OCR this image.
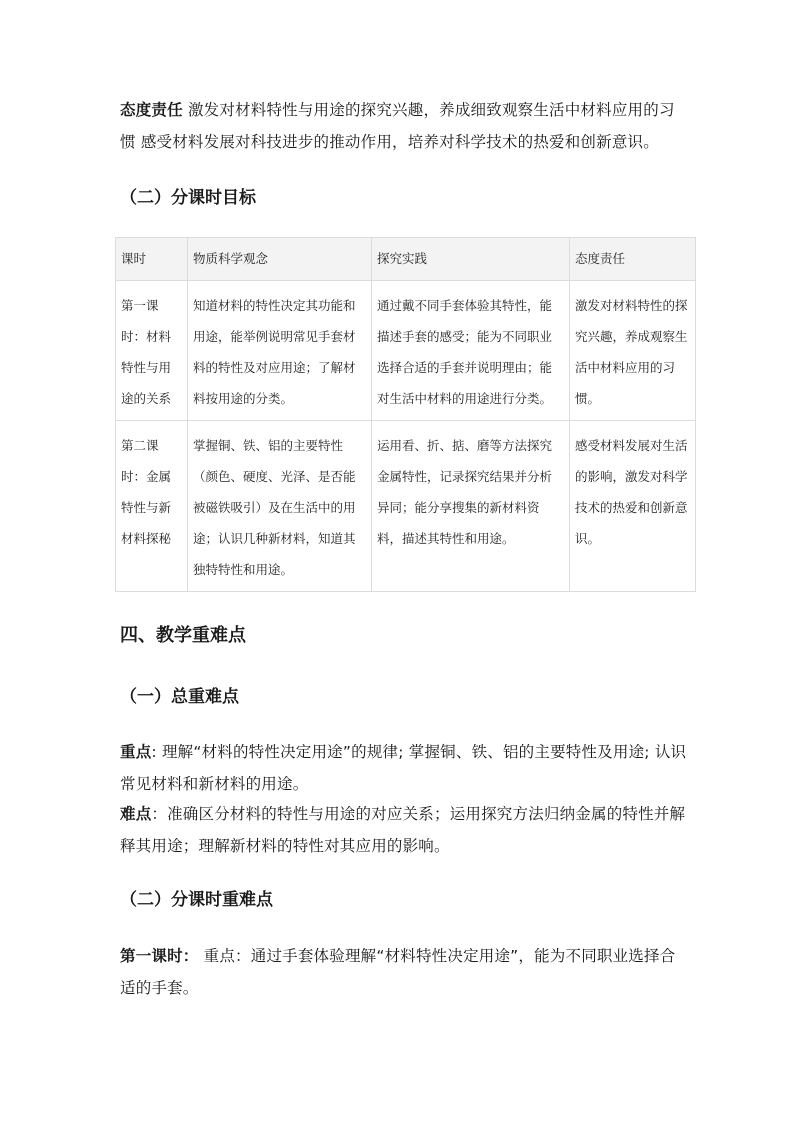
态度责任 激发对材料特性与用途的探究兴趣，养成细致观察生活中材料应用的习惯 感受材料发展对科技进步的推动作用，培养对科学技术的热爱和创新意识。

（二）分课时目标
课时	物质科学观念	探究实践	态度责任
第一课时：材料特性与用途的关系	知道材料的特性决定其功能和用途，能举例说明常见手套材料的特性及对应用途；了解材料按用途的分类。	通过戴不同手套体验其特性，能描述手套的感受；能为不同职业选择合适的手套并说明理由；能对生活中材料的用途进行分类。	激发对材料特性的探究兴趣，养成观察生活中材料应用的习惯。
第二课时：金属特性与新材料探秘	掌握铜、铁、铝的主要特性（颜色、硬度、光泽、是否能被磁铁吸引）及在生活中的用途；认识几种新材料，知道其独特特性和用途。	运用看、折、掂、磨等方法探究金属特性，记录探究结果并分析异同；能分享搜集的新材料资料，描述其特性和用途。	感受材料发展对生活的影响，激发对科学技术的热爱和创新意识。
四、教学重难点
（一）总重难点

重点: 理解“材料的特性决定用途”的规律; 掌握铜、铁、铝的主要特性及用途; 认识常见材料和新材料的用途。

难点：准确区分材料的特性与用途的对应关系；运用探究方法归纳金属的特性并解释其用途；理解新材料的特性对其应用的影响。

（二）分课时重难点

第一课时： 重点：通过手套体验理解“材料特性决定用途”，能为不同职业选择合适的手套。
